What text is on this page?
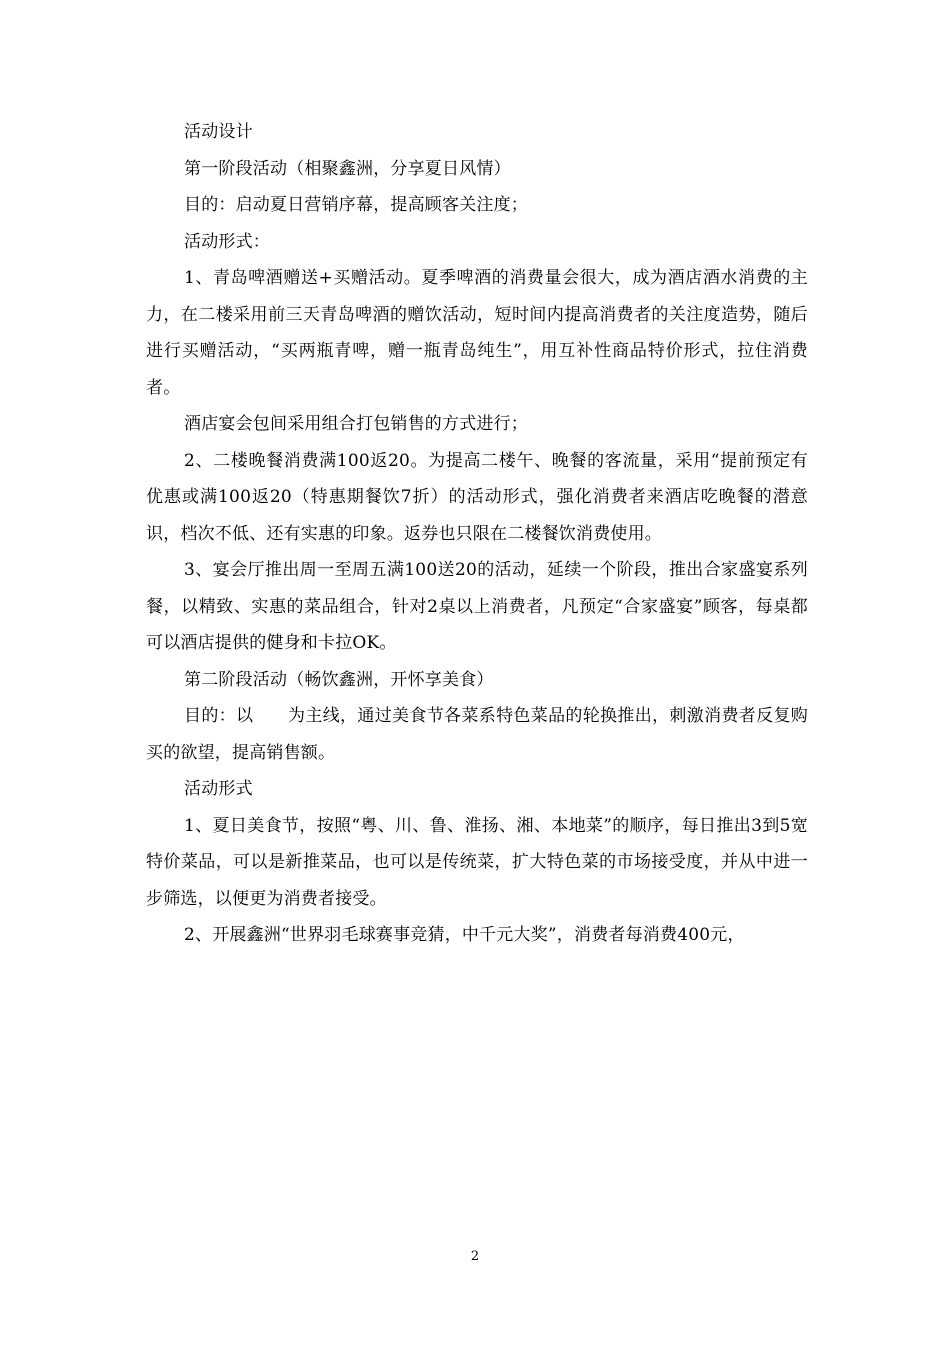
活动设计

第一阶段活动（相聚鑫洲，分享夏日风情）

目的：启动夏日营销序幕，提高顾客关注度；

活动形式：

1、青岛啤酒赠送+买赠活动。夏季啤酒的消费量会很大，成为酒店酒水消费的主力，在二楼采用前三天青岛啤酒的赠饮活动，短时间内提高消费者的关注度造势，随后进行买赠活动，“买两瓶青啤，赠一瓶青岛纯生”，用互补性商品特价形式，拉住消费者。

酒店宴会包间采用组合打包销售的方式进行；

2、二楼晚餐消费满100返20。为提高二楼午、晚餐的客流量，采用“提前预定有优惠或满100返20（特惠期餐饮7折）的活动形式，强化消费者来酒店吃晚餐的潜意识，档次不低、还有实惠的印象。返券也只限在二楼餐饮消费使用。

3、宴会厅推出周一至周五满100送20的活动，延续一个阶段，推出合家盛宴系列餐，以精致、实惠的菜品组合，针对2桌以上消费者，凡预定“合家盛宴”顾客，每桌都可以酒店提供的健身和卡拉OK。

第二阶段活动（畅饮鑫洲，开怀享美食）

目的：以　　为主线，通过美食节各菜系特色菜品的轮换推出，刺激消费者反复购买的欲望，提高销售额。

活动形式

1、夏日美食节，按照“粤、川、鲁、淮扬、湘、本地菜”的顺序，每日推出3到5宽特价菜品，可以是新推菜品，也可以是传统菜，扩大特色菜的市场接受度，并从中进一步筛选，以便更为消费者接受。

2、开展鑫洲“世界羽毛球赛事竞猜，中千元大奖”，消费者每消费400元，

2
